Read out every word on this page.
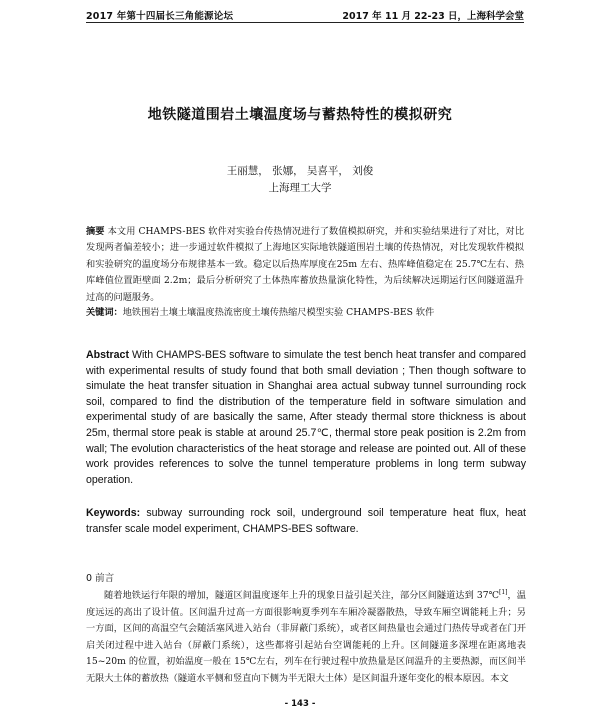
2017 年第十四届长三角能源论坛	2017 年 11 月 22-23 日，上海科学会堂
地铁隧道围岩土壤温度场与蓄热特性的模拟研究
王丽慧， 张娜， 吴喜平， 刘俊
上海理工大学
摘要 本文用 CHAMPS-BES 软件对实验台传热情况进行了数值模拟研究，并和实验结果进行了对比，对比发现两者偏差较小；进一步通过软件模拟了上海地区实际地铁隧道围岩土壤的传热情况，对比发现软件模拟和实验研究的温度场分布规律基本一致。稳定以后热库厚度在25m 左右、热库峰值稳定在 25.7℃左右、热库峰值位置距壁面 2.2m；最后分析研究了土体热库蓄放热量演化特性，为后续解决远期运行区间隧道温升过高的问题服务。
关键词：地铁围岩土壤土壤温度热流密度土壤传热缩尺模型实验 CHAMPS-BES 软件
Abstract With CHAMPS-BES software to simulate the test bench heat transfer and compared with experimental results of study found that both small deviation ; Then though software to simulate the heat transfer situation in Shanghai area actual subway tunnel surrounding rock soil, compared to find the distribution of the temperature field in software simulation and experimental study of are basically the same, After steady thermal store thickness is about 25m, thermal store peak is stable at around 25.7℃, thermal store peak position is 2.2m from wall; The evolution characteristics of the heat storage and release are pointed out. All of these work provides references to solve the tunnel temperature problems in long term subway operation.
Keywords: subway surrounding rock soil, underground soil temperature heat flux, heat transfer scale model experiment, CHAMPS-BES software.
0 前言
随着地铁运行年限的增加，隧道区间温度逐年上升的现象日益引起关注，部分区间隧道达到 37℃[1]，温度远远的高出了设计值。区间温升过高一方面很影响夏季列车车厢冷凝器散热，导致车厢空调能耗上升；另一方面，区间的高温空气会随活塞风进入站台（非屏蔽门系统），或者区间热量也会通过门热传导或者在门开启关闭过程中进入站台（屏蔽门系统），这些都将引起站台空调能耗的上升。区间隧道多深埋在距离地表 15~20m 的位置，初始温度一般在 15℃左右，列车在行驶过程中放热量是区间温升的主要热源，而区间半无限大土体的蓄放热（隧道水平侧和竖直向下侧为半无限大土体）是区间温升逐年变化的根本原因。本文
- 143 -
